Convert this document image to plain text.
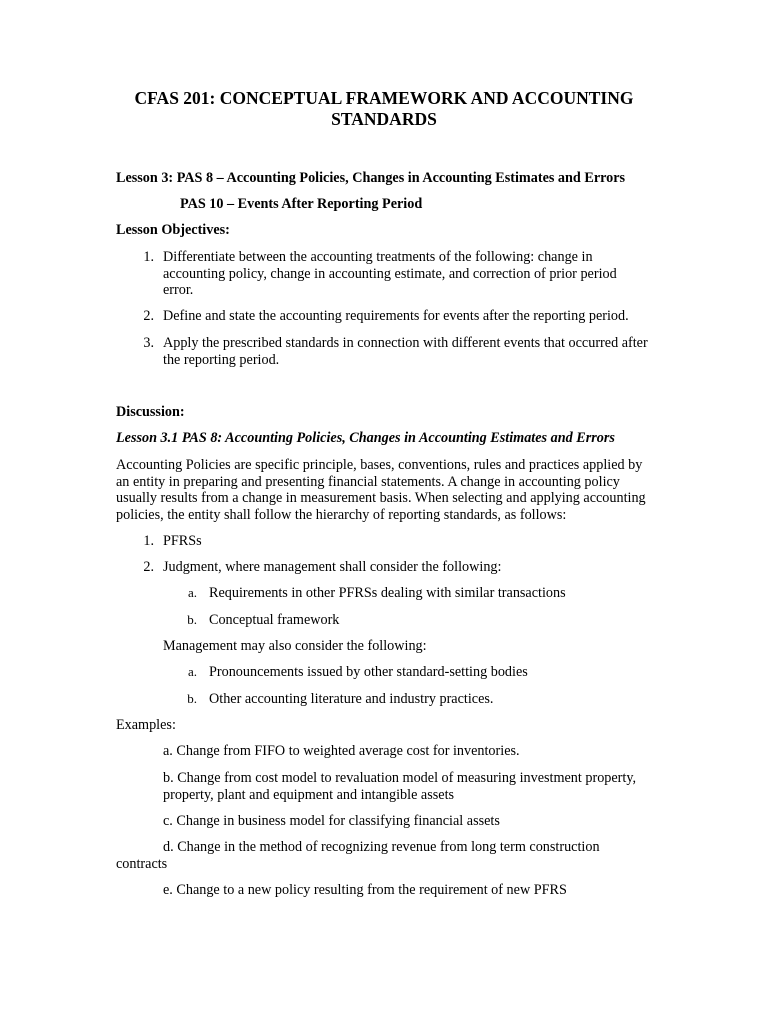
CFAS 201: CONCEPTUAL FRAMEWORK AND ACCOUNTING
STANDARDS
Lesson 3: PAS 8 – Accounting Policies, Changes in Accounting Estimates and Errors
PAS 10 – Events After Reporting Period
Lesson Objectives:
1. Differentiate between the accounting treatments of the following: change in
accounting policy, change in accounting estimate, and correction of prior period
error.
2. Define and state the accounting requirements for events after the reporting period.
3. Apply the prescribed standards in connection with different events that occurred after
the reporting period.
Discussion:
Lesson 3.1 PAS 8: Accounting Policies, Changes in Accounting Estimates and Errors
Accounting Policies are specific principle, bases, conventions, rules and practices applied by
an entity in preparing and presenting financial statements. A change in accounting policy
usually results from a change in measurement basis. When selecting and applying accounting
policies, the entity shall follow the hierarchy of reporting standards, as follows:
1. PFRSs
2. Judgment, where management shall consider the following:
a. Requirements in other PFRSs dealing with similar transactions
b. Conceptual framework
Management may also consider the following:
a. Pronouncements issued by other standard-setting bodies
b. Other accounting literature and industry practices.
Examples:
a. Change from FIFO to weighted average cost for inventories.
b. Change from cost model to revaluation model of measuring investment property,
property, plant and equipment and intangible assets
c. Change in business model for classifying financial assets
d. Change in the method of recognizing revenue from long term construction
contracts
e. Change to a new policy resulting from the requirement of new PFRS
